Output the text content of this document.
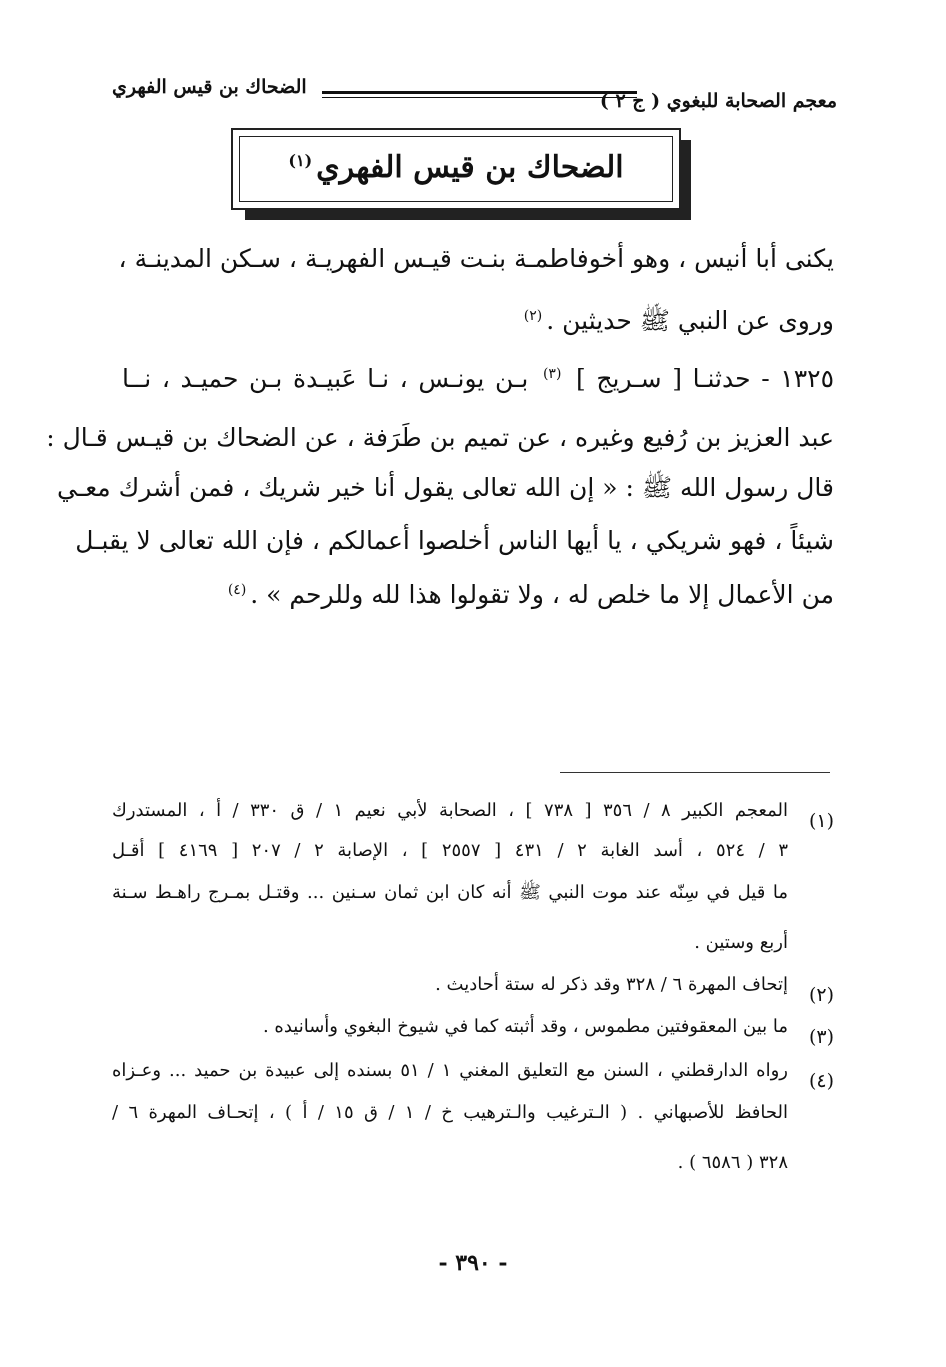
معجم الصحابة للبغوي ( ج ٢ )
الضحاك بن قيس الفهري
الضحاك بن قيس الفهري$^{(١)}$
يكنى أبا أنيس ، وهو أخوفاطمـة بنـت قيـس الفهريـة ، سـكن المدينـة ،
وروى عن النبي ﷺ حديثين .$^{(٢)}$
١٣٢٥ - حدثنـا [ سـريج ] $^{(٣)}$ بـن يونـس ، نـا عَبيـدة بـن حميـد ، نــا
عبد العزيز بن رُفيع وغيره ، عن تميم بن طَرَفة ، عن الضحاك بن قيـس قـال :
قال رسول الله ﷺ : « إن الله تعالى يقول أنا خير شريك ، فمن أشرك معـي
شيئاً ، فهو شريكي ، يا أيها الناس أخلصوا أعمالكم ، فإن الله تعالى لا يقبـل
من الأعمال إلا ما خلص له ، ولا تقولوا هذا لله وللرحم » .$^{(٤)}$
(١)
المعجم الكبير ٨ / ٣٥٦ [ ٧٣٨ ] ، الصحابة لأبي نعيم ١ / ق ٣٣٠ / أ ، المستدرك
٣ / ٥٢٤ ، أسد الغابة ٢ / ٤٣١ [ ٢٥٥٧ ] ، الإصابة ٢ / ٢٠٧ [ ٤١٦٩ ] أقـل
ما قيل في سِنّه عند موت النبي ﷺ أنه كان ابن ثمان سـنين ... وقتـل بمـرج راهـط سـنة
أربع وستين .
(٢)
إتحاف المهرة ٦ / ٣٢٨ وقد ذكر له ستة أحاديث .
(٣)
ما بين المعقوفتين مطموس ، وقد أثبته كما في شيوخ البغوي وأسانيده .
(٤)
رواه الدارقطني ، السنن مع التعليق المغني ١ / ٥١ بسنده إلى عبيدة بن حميد ... وعـزاه
الحافظ للأصبهاني . ( الـترغيب والـترهيب خ / ١ / ق ١٥ / أ ) ، إتحـاف المهرة ٦ /
٣٢٨ ( ٦٥٨٦ ) .
- ٣٩٠ -
